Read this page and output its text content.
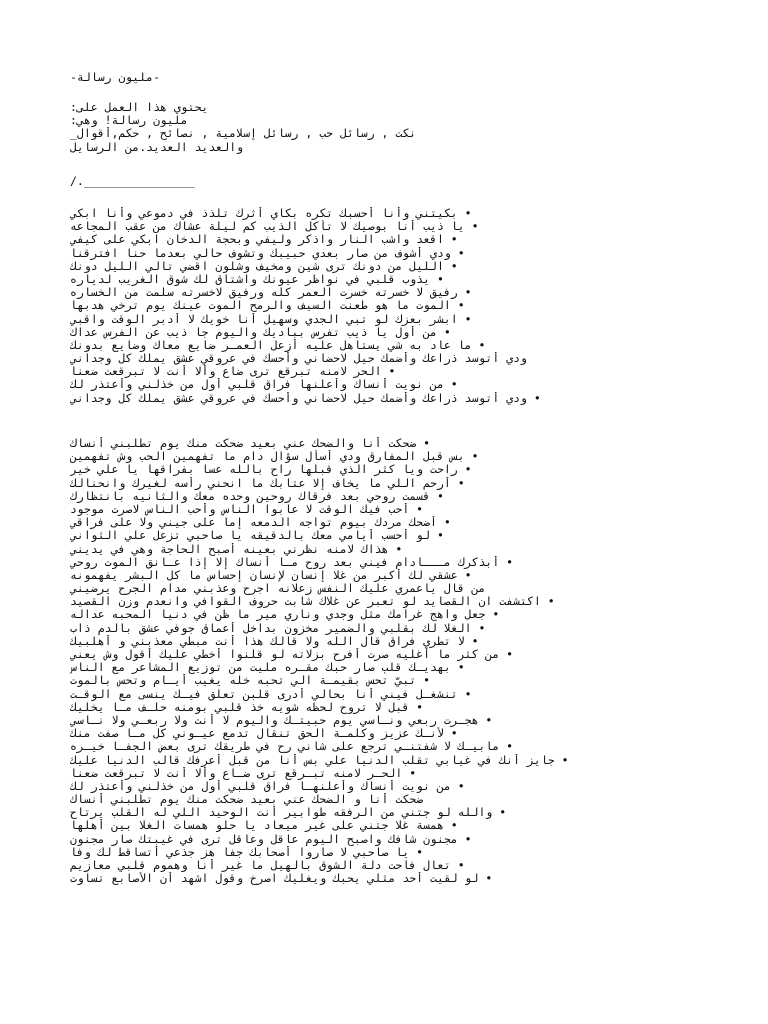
-مليون رسالة-
يحتوي هذا العمل على:
مليون رسالة! وهي:
نكت , رسائل حب , رسائل إسلامية , نصائح , حكم,أقوال_
والعديد العديد.من الرسايل
/.________________
• بكيتني وأنا أحسبك تكره بكاي أثرك تلذذ في دموعي وأنا ابكي
• يا ذيب أنا بوصيك لا تأكل الذيب كم ليلة عشاك من عقب المجاعه
• اقعد واشب النار واذكر وليفي وبحجة الدخان ابكي على كيفي
• ودي أشوف من صار بعدي حبيبك وتشوف حالي بعدما حنا افترقنا
• الليل من دونك ترى شين ومخيف وشلون اقضي تالي الليل دونك
• يذوب قلبي في نواظر عيونك واشتاق لك شوق الغريب لدياره
• رفيق لا خسرته خسرت العمر كله ورفيق لاخسرته سلمت من الخساره
• الموت ما هو طعنت السيف والرمح الموت عينك يوم ترخي هدبها
• ابشر بعزك لو تبي الجدي وسهيل أنا خويك لا أدبر الوقت واقبي
• من أول يا ذيب تفرس بباديك واليوم جا ذيب عن الفرس عداك
• ما عاد به شي يستاهل عليه أزعل العمـر ضايع معاك وضايع بدونك
ودي أتوسد ذراعك وأضمك حيل لاحضاني وأحسك في عروقي عشق يملك كل وجداني
• الحر لامنه تبرقع ترى ضاع وألا أنت لا تبرقعت ضعنا
• من نويت أنساك وأعلنها فراق قلبي أول من خذلني وأعتذر لك
• ودي أتوسد ذراعك وأضمك حيل لاحضاني وأحسك في عروقي عشق يملك كل وجداني
• ضحكت أنا والضحك عني بعيد ضحكت منك يوم تطلبني أنساك
• بس قبل المفارق ودي أسأل سؤال دام ما تفهمين الحب وش تفهمين
• راحت ويا كثر الذي قبلها راح بالله عسا بفراقها يا علي خير
• أرحم اللي ما يخاف إلا عتابك ما انحني رأسه لغيرك وانحنالك
• قسمت روحي بعد فرقاك روحين وحده معك والثانيه بانتظارك
• أحب فيك الوقت لا عابوا الناس وأحب الناس لاصرت موجود
• أضحك مردك بيوم تواجه الدمعه إما على جيني ولا على فراقي
• لو أحسب أيامي معك بالدقيقه يا صاحبي تزعل علي الثواني
• هذاك لامنه نظرني بعينه أصبح الحاجة وهي في يديني
• أبذكرك مـــادام فيني بعد روح مـا أنساك إلا إذا عـانق الموت روحي
• عشقي لك أكبر من غلا إنسان لإنسان إحساس ما كل البشر يفهمونه
من قال ياعمري عليك النفس زعلانه اجرح وعذبني مدام الجرح يرضيني
• اكتشفت ان القصايد لو تعبر عن غلاك شابت حروف القوافي وانعدم وزن القصيد
• جعل واهج غرامك مثل وجدي وناري مير ما ظن في دنيا المحبه عداله
• الغلا لك بقلبي والضمير مخزون بداخل أعماق جوفي عشق بالدم ذاب
• لا تطري فراق قال الله ولا قالك هذا أنت مبطي معذبني و أهلبيك
• من كثر ما أغليه صرت أفرح بزلاته لو قلنوا أخطي عليك أقول وش يعني
• بهديـك قلبٍ صار حبك مقـره ملّيت من توزيع المشاعر مع الناس
• تبيّ تحس بقيمـة الي تحبه خله يغيب أيـام وتحس بالموت
• تنشغـل فيني أنا بحالي أدرى قلبن تعلق فيـك ينسى مع الوقـت
• قبل لا تروح لحظه شويه خذ قلبي بومنه حلـف مـا يخليك
• هجـرت ربعي ونـاسي يوم حبيتـك واليوم لا أنت ولا ربعـي ولا نـاسي
• لأنـك عزيز وكلمـة الحق تنقال تدمع عيـوني كل مـا صفت منك
• مابيـك لا شفتنـي ترجع على شاني رح في طريقك ترى بعض الجفـا خيـره
• جايز أنك في غيابي تقلب الدنيا علي بس أنا من قبل أعرفك قالب الدنيا عليك
• الحـر لامنه تبـرقع ترى ضـاع وألا أنت لا تبرقعت ضعنا
• من نويت أنساك وأعلنهـا فراق قلبي أول من خذلني وأعتذر لك
ضحكت أنا و الضحك عني بعيد ضحكت منك يوم تطلبني أنساك
• والله لو جتني من الرفقه طوابير أنت الوحيد اللي له القلب يرتاح
• همسة غلا جتني على غير ميعاد يا حلو همسات الغلا بين أهلها
• مجنون شافك واصبح اليوم عاقل وعاقل ترى في غيبتك صار مجنون
• يا صاحبي لا صاروا أصحابك جفا هز جذعي أتساقط لك وفا
• تعال فاحت دلة الشوق بالهيل ما غير أنا وهموم قلبي معازيم
• لو لقيت أحد مثلي يحبك ويغليك اصرخ وقول اشهد أن الأصابع تساوت
